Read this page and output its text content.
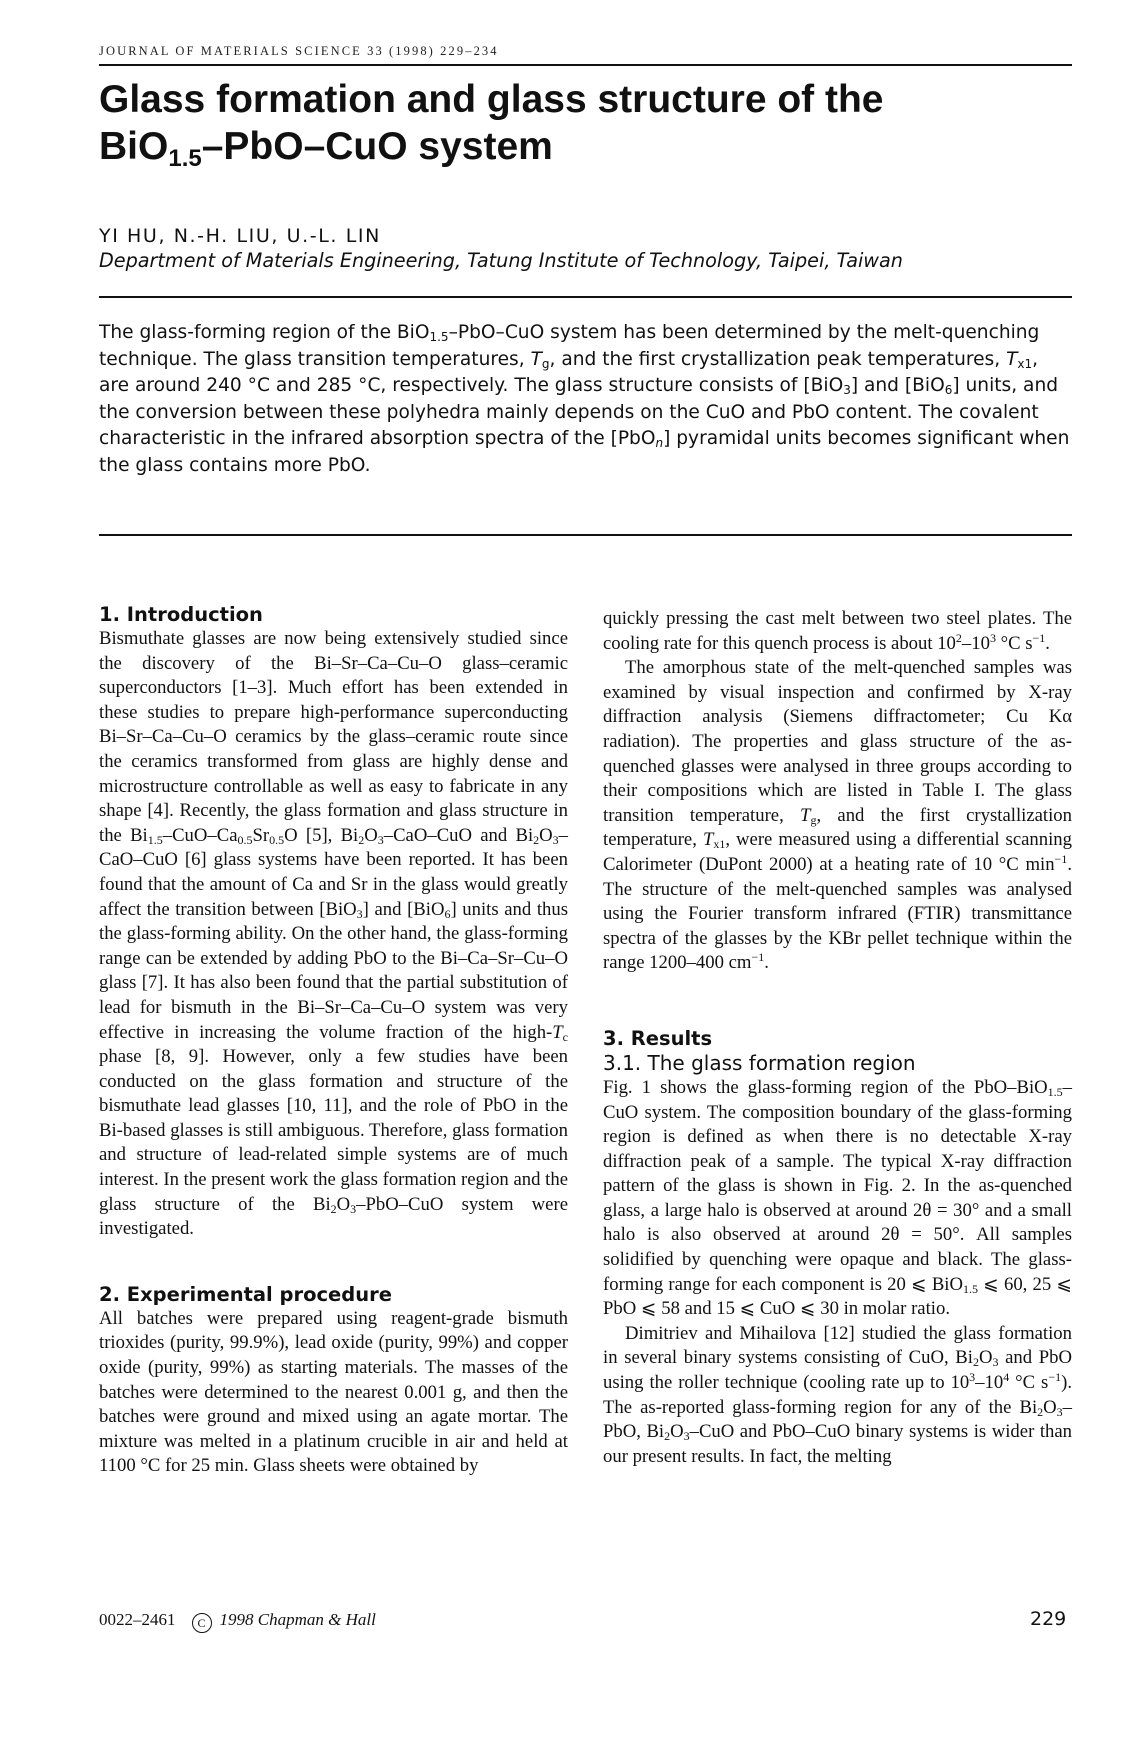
JOURNAL OF MATERIALS SCIENCE 33 (1998) 229–234
Glass formation and glass structure of the
BiO$_{1.5}$–PbO–CuO system
YI HU, N.-H. LIU, U.-L. LIN
Department of Materials Engineering, Tatung Institute of Technology, Taipei, Taiwan
The glass-forming region of the BiO$_{1.5}$–PbO–CuO system has been determined by the melt-quenching technique. The glass transition temperatures, $T_g$, and the first crystallization peak temperatures, $T_{x1}$, are around 240 °C and 285 °C, respectively. The glass structure consists of [BiO$_3$] and [BiO$_6$] units, and the conversion between these polyhedra mainly depends on the CuO and PbO content. The covalent characteristic in the infrared absorption spectra of the [PbO$_n$] pyramidal units becomes significant when the glass contains more PbO.
1. Introduction

Bismuthate glasses are now being extensively studied since the discovery of the Bi–Sr–Ca–Cu–O glass–ceramic superconductors [1–3]. Much effort has been extended in these studies to prepare high-performance superconducting Bi–Sr–Ca–Cu–O ceramics by the glass–ceramic route since the ceramics transformed from glass are highly dense and microstructure controllable as well as easy to fabricate in any shape [4]. Recently, the glass formation and glass structure in the $Bi_{1.5}-CuO-Ca_{0.5}Sr_{0.5}O$ [5], $Bi_2O_3-CaO$–CuO and $Bi_2O_3-CaO$–CuO [6] glass systems have been reported. It has been found that the amount of Ca and Sr in the glass would greatly affect the transition between [BiO$_3$] and [BiO$_6$] units and thus the glass-forming ability. On the other hand, the glass-forming range can be extended by adding PbO to the Bi–Ca–Sr–Cu–O glass [7]. It has also been found that the partial substitution of lead for bismuth in the Bi–Sr–Ca–Cu–O system was very effective in increasing the volume fraction of the high-$T_c$ phase [8, 9]. However, only a few studies have been conducted on the glass formation and structure of the bismuthate lead glasses [10, 11], and the role of PbO in the Bi-based glasses is still ambiguous. Therefore, glass formation and structure of lead-related simple systems are of much interest. In the present work the glass formation region and the glass structure of the $Bi_2O_3-PbO$–CuO system were investigated.

2. Experimental procedure

All batches were prepared using reagent-grade bismuth trioxides (purity, 99.9%), lead oxide (purity, 99%) and copper oxide (purity, 99%) as starting materials. The masses of the batches were determined to the nearest 0.001 g, and then the batches were ground and mixed using an agate mortar. The mixture was melted in a platinum crucible in air and held at 1100 °C for 25 min. Glass sheets were obtained by

quickly pressing the cast melt between two steel plates. The cooling rate for this quench process is about $10^2-10^3$ °C $s^{-1}$.

The amorphous state of the melt-quenched samples was examined by visual inspection and confirmed by X-ray diffraction analysis (Siemens diffractometer; Cu Kα radiation). The properties and glass structure of the as-quenched glasses were analysed in three groups according to their compositions which are listed in Table I. The glass transition temperature, $T_g$, and the first crystallization temperature, $T_{x1}$, were measured using a differential scanning Calorimeter (DuPont 2000) at a heating rate of 10 °C $\min^{-1}$. The structure of the melt-quenched samples was analysed using the Fourier transform infrared (FTIR) transmittance spectra of the glasses by the KBr pellet technique within the range 1200–400 $cm^{-1}$.

3. Results
3.1. The glass formation region

Fig. 1 shows the glass-forming region of the PbO–BiO$_{1.5}$–CuO system. The composition boundary of the glass-forming region is defined as when there is no detectable X-ray diffraction peak of a sample. The typical X-ray diffraction pattern of the glass is shown in Fig. 2. In the as-quenched glass, a large halo is observed at around 2θ = 30° and a small halo is also observed at around 2θ = 50°. All samples solidified by quenching were opaque and black. The glass-forming range for each component is 20 ⩽ BiO$_{1.5}$ ⩽ 60, 25 ⩽ PbO ⩽ 58 and 15 ⩽ CuO ⩽ 30 in molar ratio.

Dimitriev and Mihailova [12] studied the glass formation in several binary systems consisting of CuO, $Bi_2O_3$ and PbO using the roller technique (cooling rate up to $10^3-10^4$ °C $s^{-1}$). The as-reported glass-forming region for any of the $Bi_2O_3$–PbO, $Bi_2O_3$–CuO and PbO–CuO binary systems is wider than our present results. In fact, the melting

0022–2461 C 1998 Chapman & Hall	229
